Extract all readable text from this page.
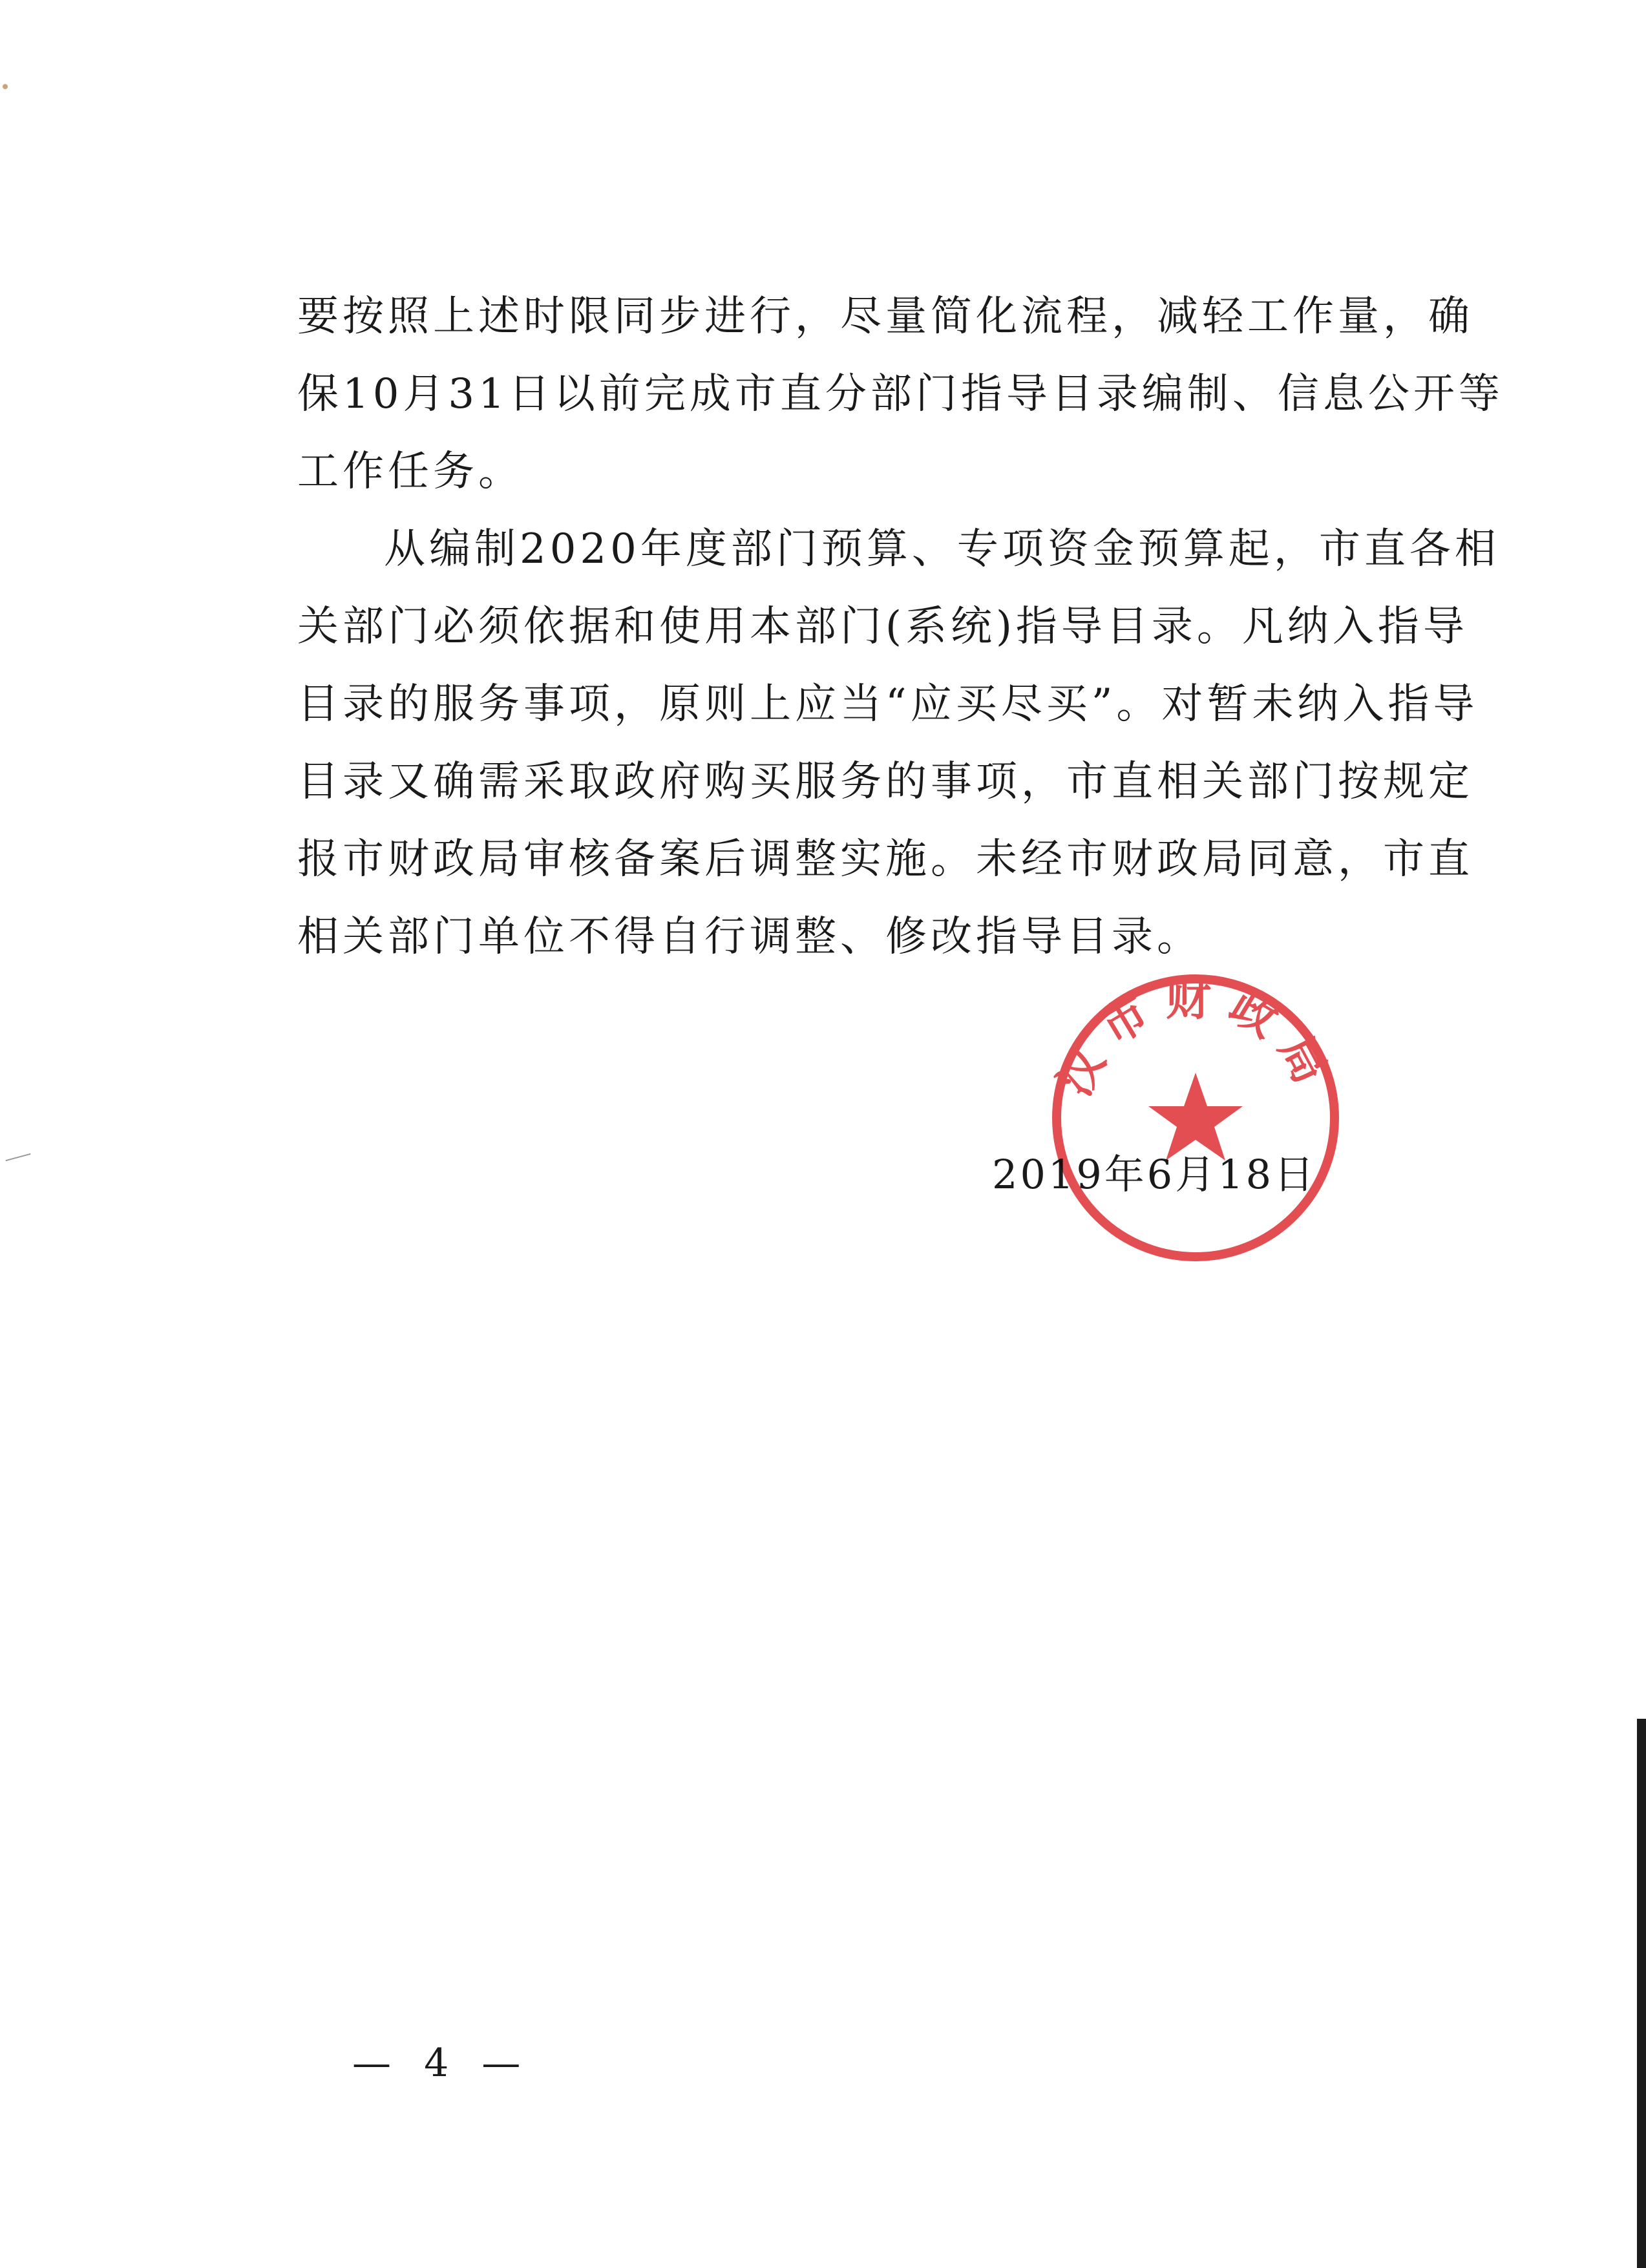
要按照上述时限同步进行，尽量简化流程，减轻工作量，确保10月31日以前完成市直分部门指导目录编制、信息公开等工作任务。

从编制2020年度部门预算、专项资金预算起，市直各相关部门必须依据和使用本部门(系统)指导目录。凡纳入指导目录的服务事项，原则上应当“应买尽买”。对暂未纳入指导目录又确需采取政府购买服务的事项，市直相关部门按规定报市财政局审核备案后调整实施。未经市财政局同意，市直相关部门单位不得自行调整、修改指导目录。

2019年6月18日
汉市财政局
— 4 —
